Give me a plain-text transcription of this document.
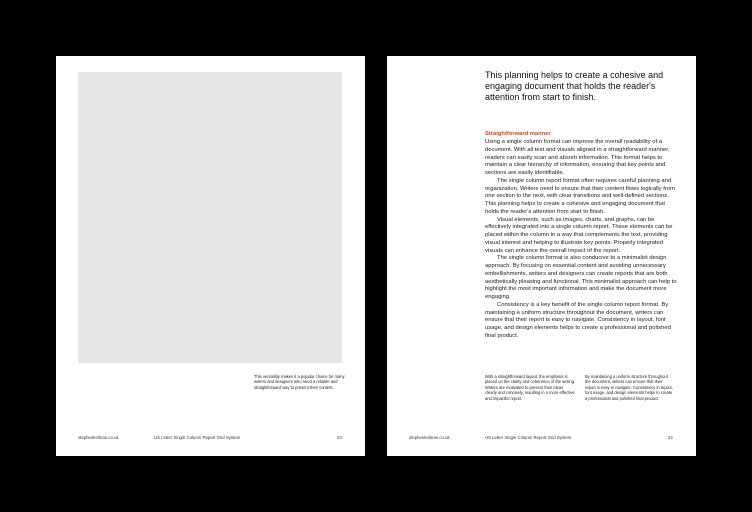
This versatility makes it a popular choice for many writers and designers who need a reliable and straightforward way to present their content.
stephenkelman.co.uk	US Letter Single Column Report Grid System	23
This planning helps to create a cohesive and engaging document that holds the reader's attention from start to finish.
Straightforward manner

Using a single column format can improve the overall readability of a document. With all text and visuals aligned in a straightforward manner, readers can easily scan and absorb information. This format helps to maintain a clear hierarchy of information, ensuring that key points and sections are easily identifiable.

The single column report format often requires careful planning and organization. Writers need to ensure that their content flows logically from one section to the next, with clear transitions and well-defined sections. This planning helps to create a cohesive and engaging document that holds the reader's attention from start to finish.

Visual elements, such as images, charts, and graphs, can be effectively integrated into a single column report. These elements can be placed within the column in a way that complements the text, providing visual interest and helping to illustrate key points. Properly integrated visuals can enhance the overall impact of the report.

The single column format is also conducive to a minimalist design approach. By focusing on essential content and avoiding unnecessary embellishments, writers and designers can create reports that are both aesthetically pleasing and functional. This minimalist approach can help to highlight the most important information and make the document more engaging.

Consistency is a key benefit of the single column report format. By maintaining a uniform structure throughout the document, writers can ensure that their report is easy to navigate. Consistency in layout, font usage, and design elements helps to create a professional and polished final product.

With a straightforward layout, the emphasis is placed on the clarity and coherence of the writing. Writers are motivated to present their ideas clearly and concisely, resulting in a more effective and impactful report.
By maintaining a uniform structure throughout the document, writers can ensure that their report is easy to navigate. Consistency in layout, font usage, and design elements helps to create a professional and polished final product.
stephenkelman.co.uk	US Letter Single Column Report Grid System	24
